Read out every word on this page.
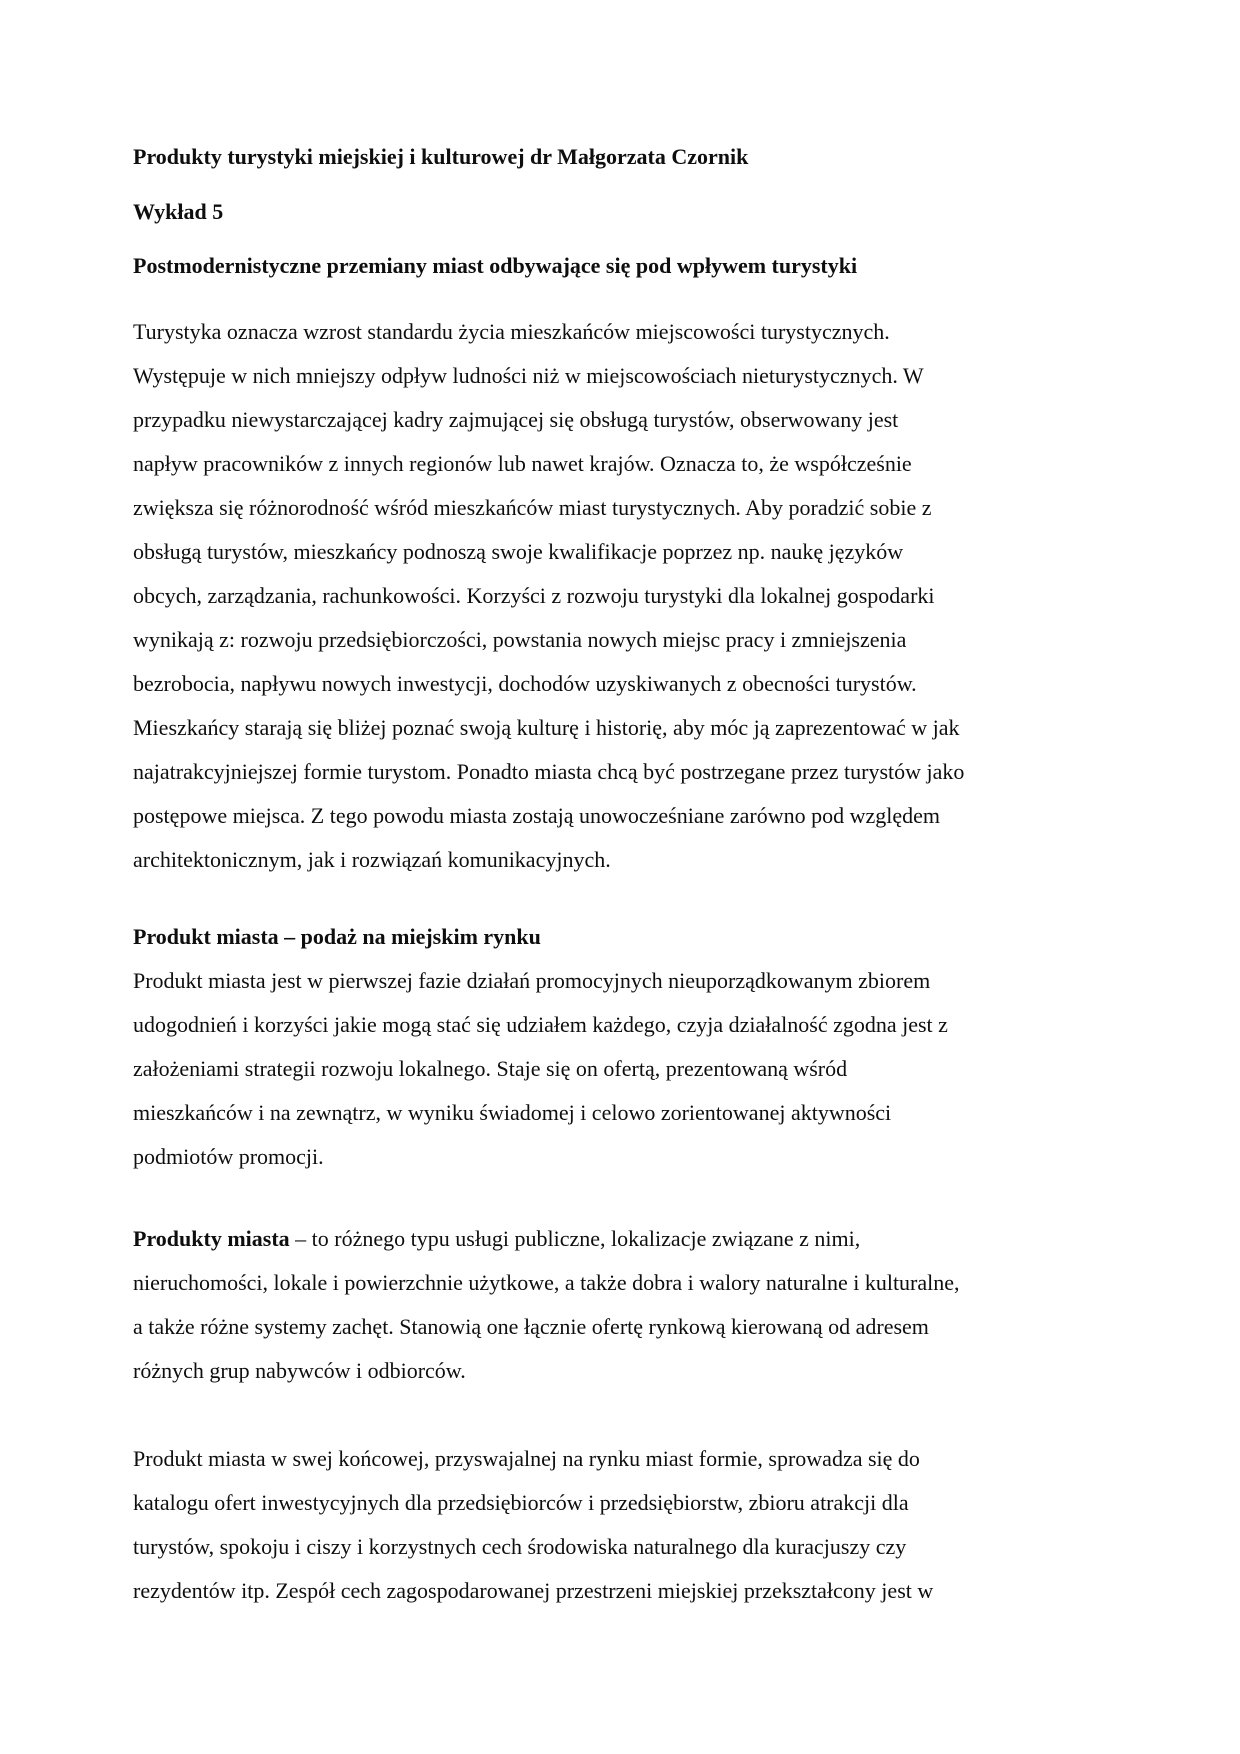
Produkty turystyki miejskiej i kulturowej dr Małgorzata Czornik
Wykład 5
Postmodernistyczne przemiany miast odbywające się pod wpływem turystyki
Turystyka oznacza wzrost standardu życia mieszkańców miejscowości turystycznych.
Występuje w nich mniejszy odpływ ludności niż w miejscowościach nieturystycznych. W
przypadku niewystarczającej kadry zajmującej się obsługą turystów, obserwowany jest
napływ pracowników z innych regionów lub nawet krajów. Oznacza to, że współcześnie
zwiększa się różnorodność wśród mieszkańców miast turystycznych. Aby poradzić sobie z
obsługą turystów, mieszkańcy podnoszą swoje kwalifikacje poprzez np. naukę języków
obcych, zarządzania, rachunkowości. Korzyści z rozwoju turystyki dla lokalnej gospodarki
wynikają z: rozwoju przedsiębiorczości, powstania nowych miejsc pracy i zmniejszenia
bezrobocia, napływu nowych inwestycji, dochodów uzyskiwanych z obecności turystów.
Mieszkańcy starają się bliżej poznać swoją kulturę i historię, aby móc ją zaprezentować w jak
najatrakcyjniejszej formie turystom. Ponadto miasta chcą być postrzegane przez turystów jako
postępowe miejsca. Z tego powodu miasta zostają unowocześniane zarówno pod względem
architektonicznym, jak i rozwiązań komunikacyjnych.
Produkt miasta – podaż na miejskim rynku
Produkt miasta jest w pierwszej fazie działań promocyjnych nieuporządkowanym zbiorem
udogodnień i korzyści jakie mogą stać się udziałem każdego, czyja działalność zgodna jest z
założeniami strategii rozwoju lokalnego. Staje się on ofertą, prezentowaną wśród
mieszkańców i na zewnątrz, w wyniku świadomej i celowo zorientowanej aktywności
podmiotów promocji.
Produkty miasta – to różnego typu usługi publiczne, lokalizacje związane z nimi,
nieruchomości, lokale i powierzchnie użytkowe, a także dobra i walory naturalne i kulturalne,
a także różne systemy zachęt. Stanowią one łącznie ofertę rynkową kierowaną od adresem
różnych grup nabywców i odbiorców.
Produkt miasta w swej końcowej, przyswajalnej na rynku miast formie, sprowadza się do
katalogu ofert inwestycyjnych dla przedsiębiorców i przedsiębiorstw, zbioru atrakcji dla
turystów, spokoju i ciszy i korzystnych cech środowiska naturalnego dla kuracjuszy czy
rezydentów itp. Zespół cech zagospodarowanej przestrzeni miejskiej przekształcony jest w
